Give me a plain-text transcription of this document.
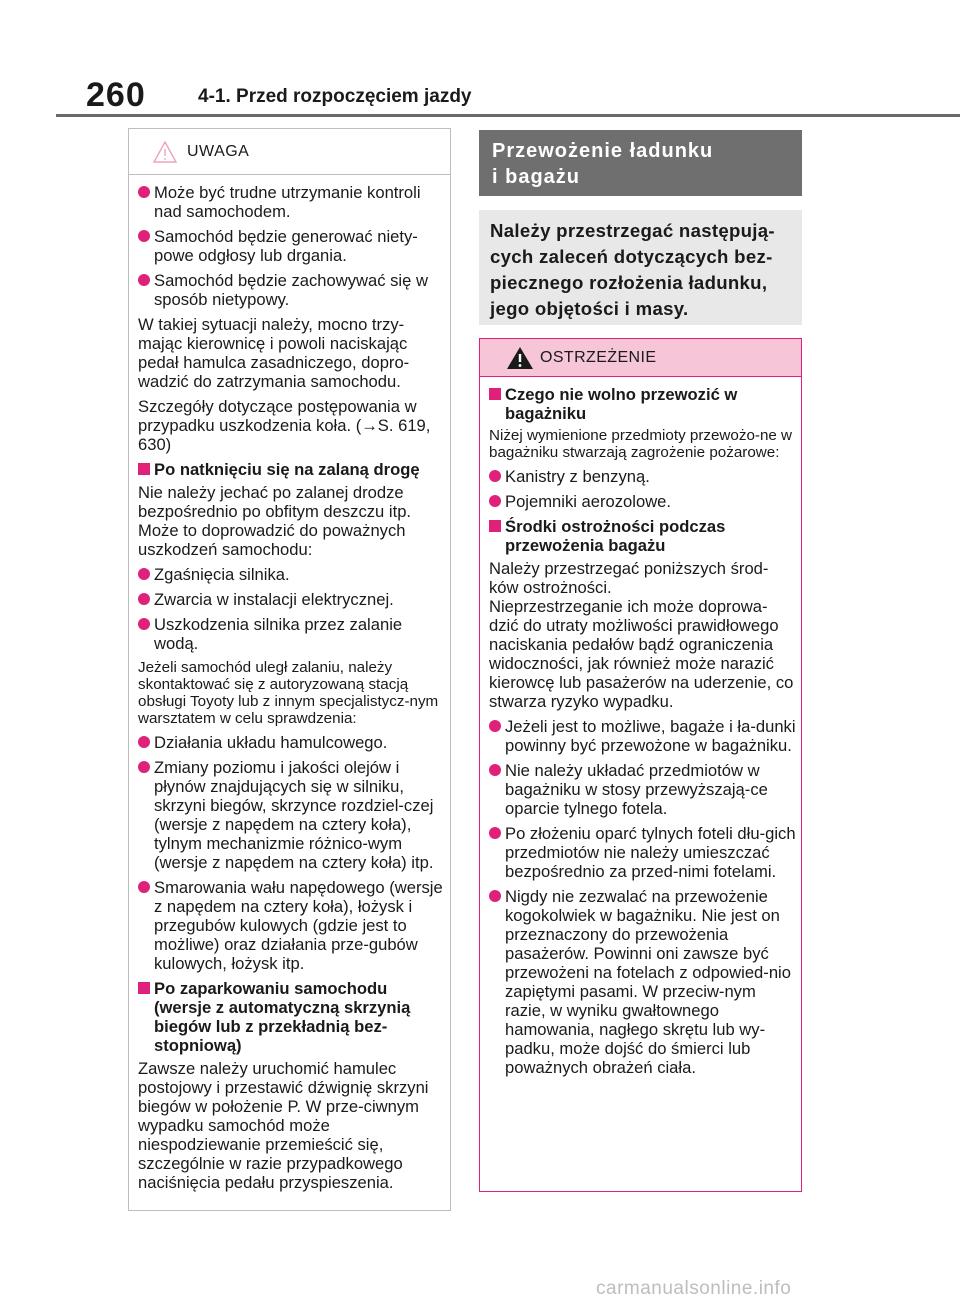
260	4-1. Przed rozpoczęciem jazdy
UWAGA
Może być trudne utrzymanie kontroli nad samochodem.
Samochód będzie generować niety-powe odgłosy lub drgania.
Samochód będzie zachowywać się w sposób nietypowy.
W takiej sytuacji należy, mocno trzy-mając kierownicę i powoli naciskając pedał hamulca zasadniczego, dopro-wadzić do zatrzymania samochodu.
Szczegóły dotyczące postępowania w przypadku uszkodzenia koła. (→S. 619, 630)
Po natknięciu się na zalaną drogę
Nie należy jechać po zalanej drodze bezpośrednio po obfitym deszczu itp. Może to doprowadzić do poważnych uszkodzeń samochodu:
Zgaśnięcia silnika.
Zwarcia w instalacji elektrycznej.
Uszkodzenia silnika przez zalanie wodą.
Jeżeli samochód uległ zalaniu, należy skontaktować się z autoryzowaną stacją obsługi Toyoty lub z innym specjalistycz-nym warsztatem w celu sprawdzenia:
Działania układu hamulcowego.
Zmiany poziomu i jakości olejów i płynów znajdujących się w silniku, skrzyni biegów, skrzynce rozdziel-czej (wersje z napędem na cztery koła), tylnym mechanizmie różnico-wym (wersje z napędem na cztery koła) itp.
Smarowania wału napędowego (wersje z napędem na cztery koła), łożysk i przegubów kulowych (gdzie jest to możliwe) oraz działania prze-gubów kulowych, łożysk itp.
Po zaparkowaniu samochodu (wersje z automatyczną skrzynią biegów lub z przekładnią bez-stopniową)
Zawsze należy uruchomić hamulec postojowy i przestawić dźwignię skrzyni biegów w położenie P. W prze-ciwnym wypadku samochód może niespodziewanie przemieścić się, szczególnie w razie przypadkowego naciśnięcia pedału przyspieszenia.
Przewożenie ładunku
i bagażu
Należy przestrzegać następują-cych zaleceń dotyczących bez-piecznego rozłożenia ładunku, jego objętości i masy.
OSTRZEŻENIE
Czego nie wolno przewozić w bagażniku
Niżej wymienione przedmioty przewożo-ne w bagażniku stwarzają zagrożenie pożarowe:
Kanistry z benzyną.
Pojemniki aerozolowe.
Środki ostrożności podczas przewożenia bagażu
Należy przestrzegać poniższych środ-ków ostrożności.
Nieprzestrzeganie ich może doprowa-dzić do utraty możliwości prawidłowego naciskania pedałów bądź ograniczenia widoczności, jak również może narazić kierowcę lub pasażerów na uderzenie, co stwarza ryzyko wypadku.
Jeżeli jest to możliwe, bagaże i ła-dunki powinny być przewożone w bagażniku.
Nie należy układać przedmiotów w bagażniku w stosy przewyższają-ce oparcie tylnego fotela.
Po złożeniu oparć tylnych foteli dłu-gich przedmiotów nie należy umieszczać bezpośrednio za przed-nimi fotelami.
Nigdy nie zezwalać na przewożenie kogokolwiek w bagażniku. Nie jest on przeznaczony do przewożenia pasażerów. Powinni oni zawsze być przewożeni na fotelach z odpowied-nio zapiętymi pasami. W przeciw-nym razie, w wyniku gwałtownego hamowania, nagłego skrętu lub wy-padku, może dojść do śmierci lub poważnych obrażeń ciała.
carmanualsonline.info
